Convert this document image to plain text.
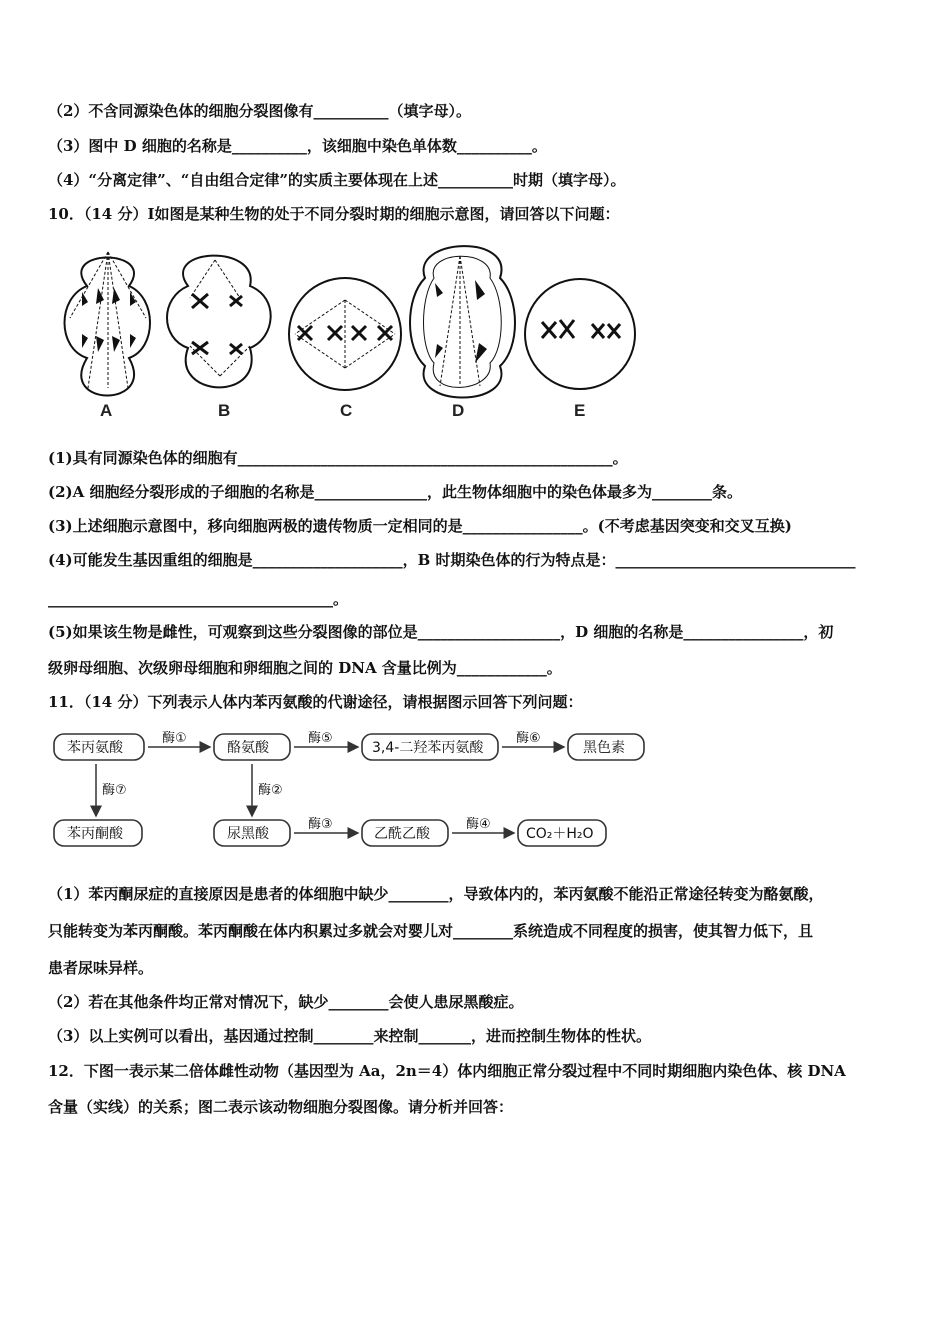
（2）不含同源染色体的细胞分裂图像有__________（填字母）。
（3）图中 D 细胞的名称是__________，该细胞中染色单体数__________。
（4）“分离定律”、“自由组合定律”的实质主要体现在上述__________时期（填字母）。
10．（14 分）Ⅰ如图是某种生物的处于不同分裂时期的细胞示意图，请回答以下问题：
A	B	C	D	E
(1)具有同源染色体的细胞有__________________________________________________。
(2)A 细胞经分裂形成的子细胞的名称是_______________，此生物体细胞中的染色体最多为________条。
(3)上述细胞示意图中，移向细胞两极的遗传物质一定相同的是________________。(不考虑基因突变和交叉互换)
(4)可能发生基因重组的细胞是____________________，B 时期染色体的行为特点是：________________________________
______________________________________。
(5)如果该生物是雌性，可观察到这些分裂图像的部位是___________________，D 细胞的名称是________________，初
级卵母细胞、次级卵母细胞和卵细胞之间的 DNA 含量比例为____________。
11．（14 分）下列表示人体内苯丙氨酸的代谢途径，请根据图示回答下列问题：
苯丙氨酸	酪氨酸	3,4-二羟苯丙氨酸	黑色素
苯丙酮酸	尿黑酸	乙酰乙酸	CO₂＋H₂O
酶①	酶⑤	酶⑥
酶⑦	酶②
酶③	酶④
（1）苯丙酮尿症的直接原因是患者的体细胞中缺少________，导致体内的，苯丙氨酸不能沿正常途径转变为酪氨酸，
只能转变为苯丙酮酸。苯丙酮酸在体内积累过多就会对婴儿对________系统造成不同程度的损害，使其智力低下，且
患者尿味异样。
（2）若在其他条件均正常对情况下，缺少________会使人患尿黑酸症。
（3）以上实例可以看出，基因通过控制________来控制_______，进而控制生物体的性状。
12．下图一表示某二倍体雌性动物（基因型为 Aa，2n＝4）体内细胞正常分裂过程中不同时期细胞内染色体、核 DNA
含量（实线）的关系；图二表示该动物细胞分裂图像。请分析并回答：
